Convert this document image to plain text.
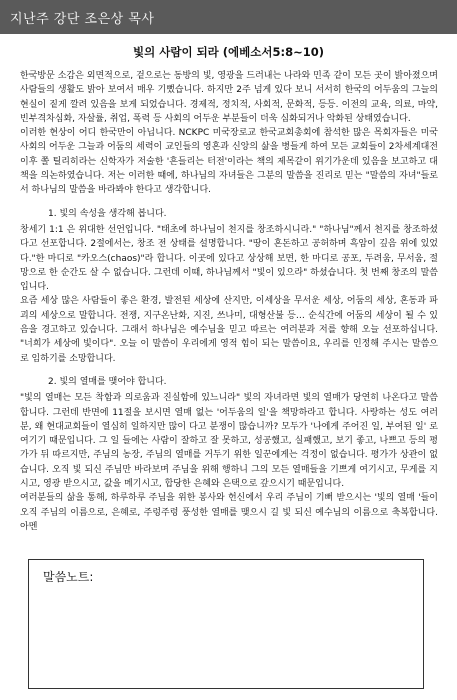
지난주 강단 조은상 목사
빛의 사람이 되라 (에베소서5:8~10)

한국방문 소감은 외면적으로, 겉으로는 동방의 빛, 영광을 드러내는 나라와 민족 같이 모든 곳이 밝아졌으며 사람들의 생활도 밝아 보여서 매우 기뻤습니다. 하지만 2주 넘게 있다 보니 서서히 한국의 어두움의 그늘의 현실이 짙게 깔려 있음을 보게 되었습니다. 경제적, 정치적, 사회적, 문화적, 등등. 이전의 교육, 의료, 마약, 빈부격차심화, 자살률, 취업, 폭력 등 사회의 어두운 부분들이 더욱 심화되거나 악화된 상태였습니다.

이러한 현상이 어디 한국만이 아닙니다. NCKPC 미국장로교 한국교회총회에 참석한 많은 목회자들은 미국사회의 어두운 그늘과 어둠의 세력이 교인들의 영혼과 신앙의 삶을 병들게 하여 모든 교회들이 2차세계대전 이후 쫄 틸리히라는 신학자가 저술한 '흔들리는 터전'이라는 책의 제목같이 위기가운데 있음을 보고하고 대책을 의논하였습니다. 저는 이러한 때에, 하나님의 자녀들은 그분의 말씀을 진리로 믿는 "말씀의 자녀"들로서 하나님의 말씀을 바라봐야 한다고 생각합니다.

1. 빛의 속성을 생각해 봅니다.

창세기 1:1 은 위대한 선언입니다. "태초에 하나님이 천지를 창조하시니라." "하나님"께서 천지를 창조하셨다고 선포합니다. 2절에서는, 창조 전 상태를 설명합니다. "땅이 혼돈하고 공허하며 흑암이 깊음 위에 있었다."한 마디로 "카오스(chaos)"라 합니다. 이곳에 있다고 상상해 보면, 한 마디로 공포, 두려움, 무서움, 절망으로 한 순간도 살 수 없습니다. 그런데 이때, 하나님께서 "빛이 있으라" 하셨습니다. 첫 번째 창조의 말씀입니다.

요즘 세상 많은 사람들이 좋은 환경, 발전된 세상에 산지만, 이세상을 무서운 세상, 어둠의 세상, 혼동과 파괴의 세상으로 말합니다. 전쟁, 지구온난화, 지진, 쓰나미, 대형산불 등… 순식간에 어둠의 세상이 될 수 있음을 경고하고 있습니다. 그래서 하나님은 예수님을 믿고 따르는 여러분과 저를 향해 오늘 선포하십니다. "너희가 세상에 빛이다". 오늘 이 말씀이 우리에게 영적 힘이 되는 말씀이요, 우리를 인정해 주시는 말씀으로 임하기를 소망합니다.

2. 빛의 열매를 맺어야 합니다.

"빛의 열매는 모든 착함과 의로움과 진실함에 있느니라" 빛의 자녀라면 빛의 열매가 당연히 나온다고 말씀합니다. 그런데 반면에 11절을 보시면 열매 없는 '어두움의 일'을 책망하라고 합니다. 사랑하는 성도 여러분, 왜 현대교회들이 열심히 일하지만 많이 다고 분쟁이 많습니까? 모두가 '나에게 주어진 일, 부여된 일' 로 여기기 때문입니다. 그 일 들에는 사람이 잘하고 잘 못하고, 성공했고, 실패했고, 보기 좋고, 나쁘고 등의 평가가 뒤 따르지만, 주님의 농장, 주님의 열매를 거두기 위한 일꾼에게는 걱정이 없습니다. 평가가 상관이 없습니다. 오직 빛 되신 주님만 바라보며 주님을 위해 행하니 그의 모든 열매들을 기쁘게 여기시고, 무게를 지시고, 영광 받으시고, 값을 메기시고, 합당한 은혜와 은택으로 갚으시기 때문입니다.

여러분들의 삶을 통해, 하루하루 주님을 위한 봉사와 헌신에서 우리 주님이 기뻐 받으시는 '빛의 열매 '들이 오직 주님의 이름으로, 은혜로, 주렁주렁 풍성한 열매를 맺으시 길 빛 되신 예수님의 이름으로 축복합니다. 아멘

말씀노트:
